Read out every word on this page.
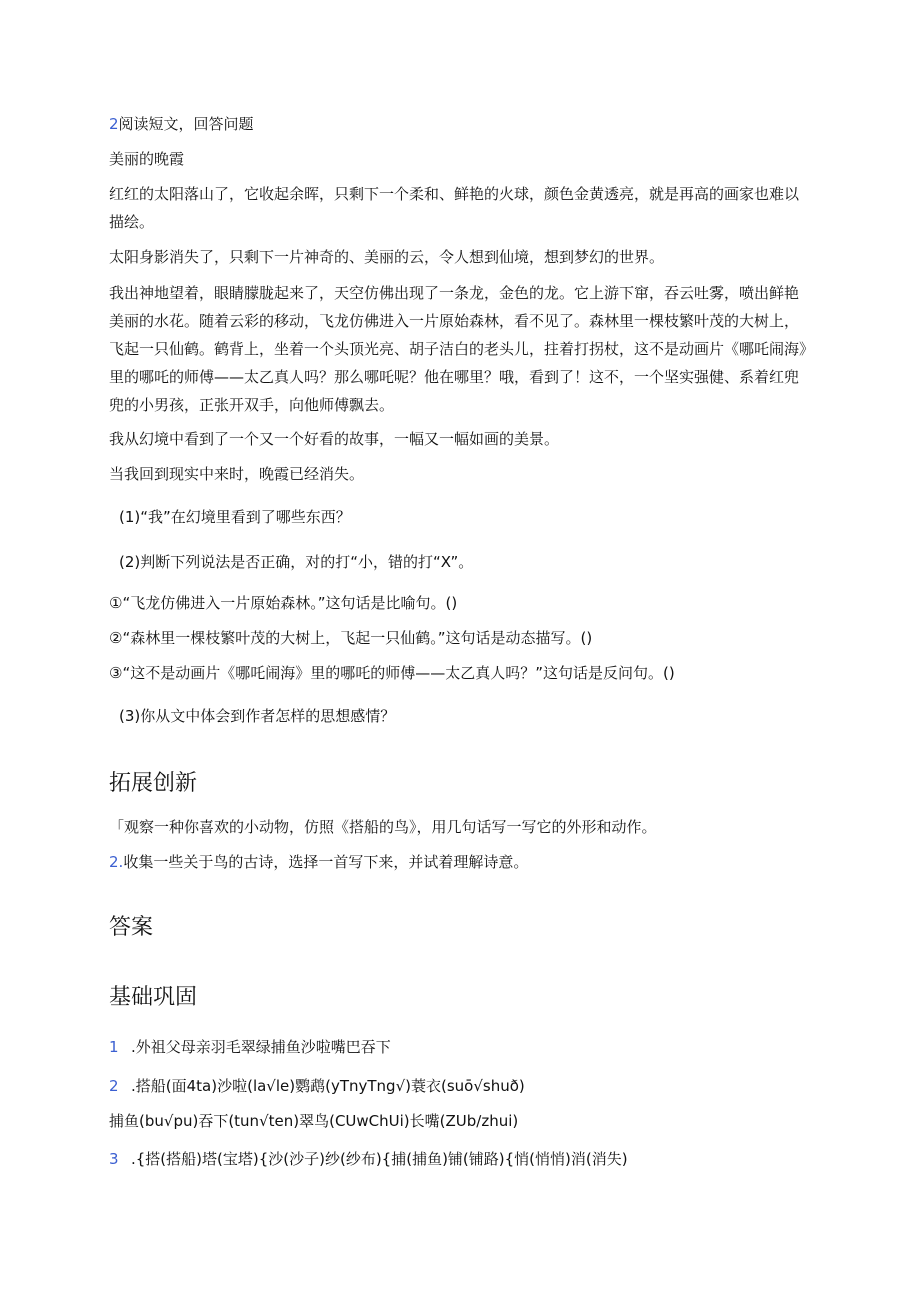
2阅读短文，回答问题
美丽的晚霞
红红的太阳落山了，它收起余晖，只剩下一个柔和、鲜艳的火球，颜色金黄透亮，就是再高的画家也难以描绘。
太阳身影消失了，只剩下一片神奇的、美丽的云，令人想到仙境，想到梦幻的世界。
我出神地望着，眼睛朦胧起来了，天空仿佛出现了一条龙，金色的龙。它上游下窜，吞云吐雾，喷出鲜艳美丽的水花。随着云彩的移动，飞龙仿佛进入一片原始森林，看不见了。森林里一棵枝繁叶茂的大树上，飞起一只仙鹤。鹤背上，坐着一个头顶光亮、胡子洁白的老头儿，拄着打拐杖，这不是动画片《哪吒闹海》里的哪吒的师傅——太乙真人吗？那么哪吒呢？他在哪里？哦，看到了！这不，一个坚实强健、系着红兜兜的小男孩，正张开双手，向他师傅飘去。
我从幻境中看到了一个又一个好看的故事，一幅又一幅如画的美景。
当我回到现实中来时，晚霞已经消失。
(1)“我”在幻境里看到了哪些东西？
(2)判断下列说法是否正确，对的打“小，错的打“X”。
①“飞龙仿佛进入一片原始森林。”这句话是比喻句。()
②“森林里一棵枝繁叶茂的大树上，飞起一只仙鹤。”这句话是动态描写。()
③“这不是动画片《哪吒闹海》里的哪吒的师傅——太乙真人吗？”这句话是反问句。()
(3)你从文中体会到作者怎样的思想感情？
拓展创新
「观察一种你喜欢的小动物，仿照《搭船的鸟》，用几句话写一写它的外形和动作。
2.收集一些关于鸟的古诗，选择一首写下来，并试着理解诗意。
答案
基础巩固
1 .外祖父母亲羽毛翠绿捕鱼沙啦嘴巴吞下
2 .搭船(面4ta)沙啦(la√le)鹦鹉(yTnyTng√)蓑衣(suō√shuð)
捕鱼(bu√pu)吞下(tun√ten)翠鸟(CUwChUi)长嘴(ZUb∕zhui)
3 .{搭(搭船)塔(宝塔){沙(沙子)纱(纱布){捕(捕鱼)铺(铺路){悄(悄悄)消(消失)
